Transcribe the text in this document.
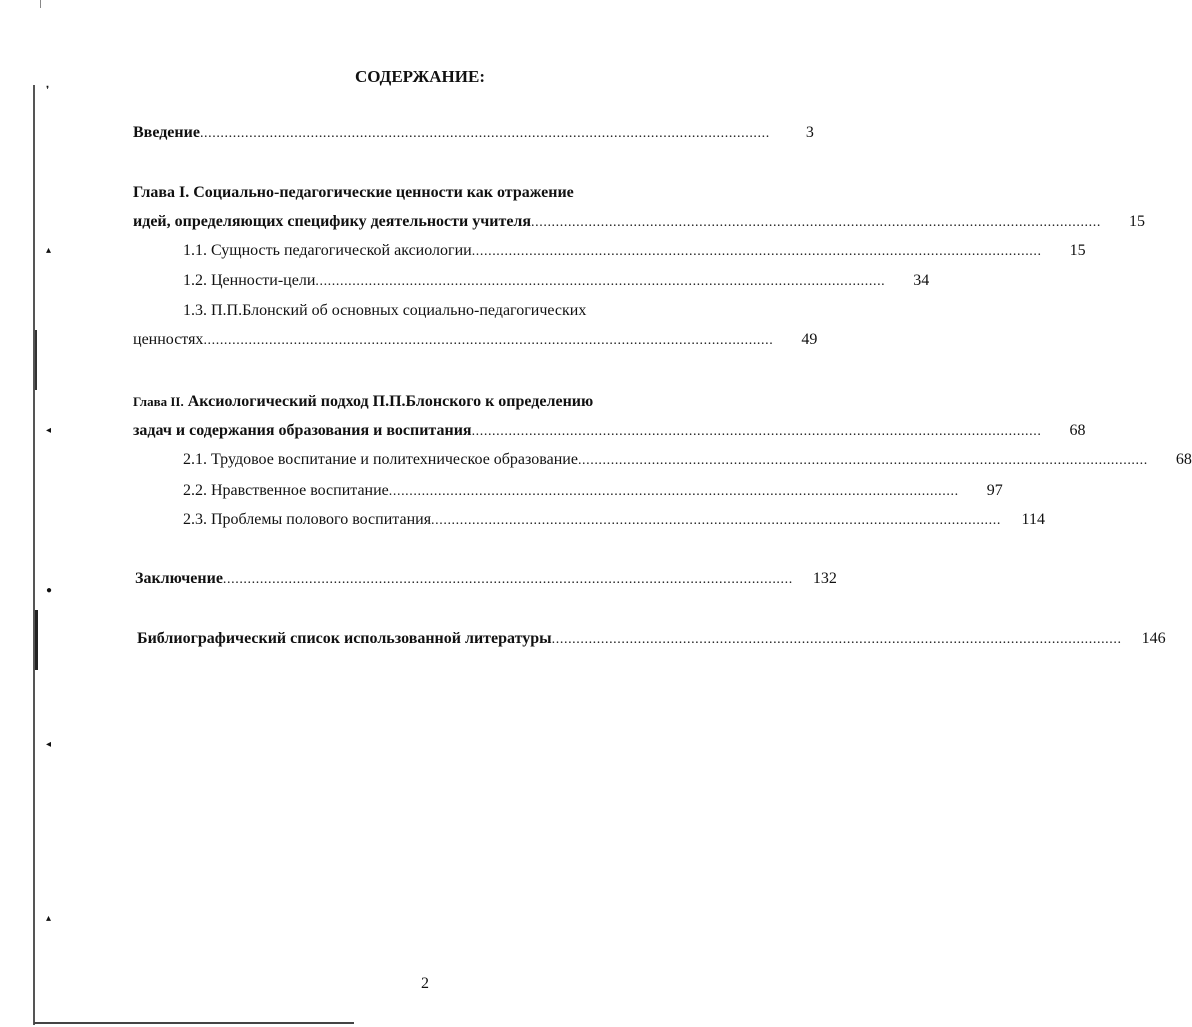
❜
▴
◂
●
◂
▴
СОДЕРЖАНИЕ:
Введение ...........................................................................................................................................	3
Глава I. Социально-педагогические ценности как отражение
идей, определяющих специфику деятельности учителя ...........................................................................................................................................	15
1.1. Сущность педагогической аксиологии ...........................................................................................................................................	15
1.2. Ценности-цели ...........................................................................................................................................	34
1.3. П.П.Блонский об основных социально-педагогических
ценностях ...........................................................................................................................................	49
Глава II. Аксиологический подход П.П.Блонского к определению
задач и содержания образования и воспитания ...........................................................................................................................................	68
2.1. Трудовое воспитание и политехническое образование ...........................................................................................................................................	68
2.2. Нравственное воспитание ...........................................................................................................................................	97
2.3. Проблемы полового воспитания ...........................................................................................................................................	114
Заключение ...........................................................................................................................................	132
Библиографический список использованной литературы ...........................................................................................................................................	146
2
